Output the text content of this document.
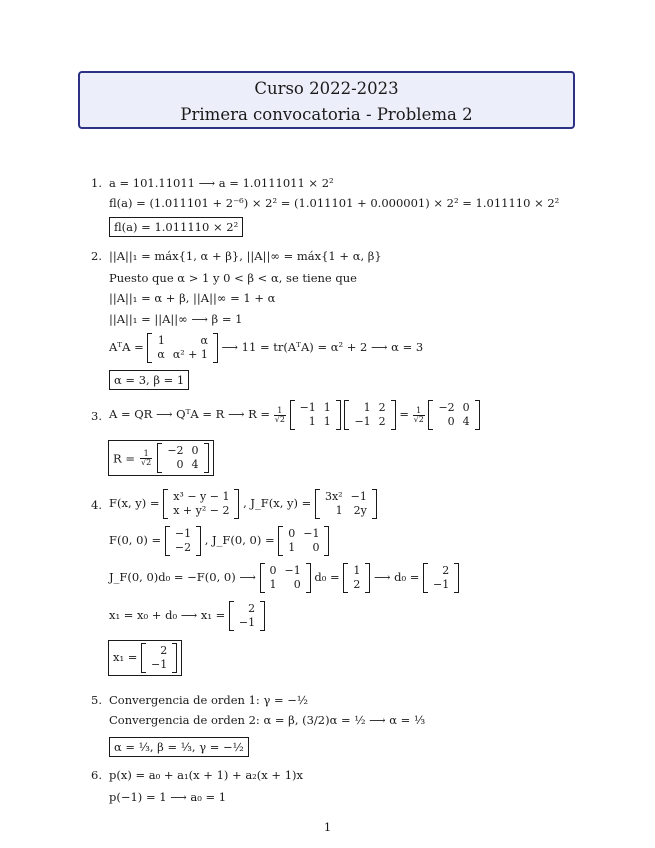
Curso 2022-2023
Primera convocatoria - Problema 2
1. a = 101.11011 ⟶ a = 1.0111011 × 2²
fl(a) = (1.011101 + 2⁻⁶) × 2² = (1.011101 + 0.000001) × 2² = 1.011110 × 2²
fl(a) = 1.011110 × 2²
2. ||A||₁ = máx{1, α + β}, ||A||∞ = máx{1 + α, β}
Puesto que α > 1 y 0 < β < α, se tiene que
||A||₁ = α + β, ||A||∞ = 1 + α
||A||₁ = ||A||∞ ⟶ β = 1
AᵀA = 1	α
α	α² + 1
⟶ 11 = tr(AᵀA) = α² + 2 ⟶ α = 3
α = 3, β = 1
3. A = QR ⟶ QᵀA = R ⟶ $R = \frac{1}{√2}$
−1	1
1	1

1	2
−1	2
= $\frac{1}{√2}$
−2	0
0	4
$R = \frac{1}{√2}$
−2	0
0	4
4. F(x, y) = x³ − y − 1
x + y² − 2
, J_F(x, y) = 3x²	−1
1	2y
F(0, 0) = −1
−2
, J_F(0, 0) = 0	−1
1	0
J_F(0, 0)d₀ = −F(0, 0) ⟶ 0	−1
1	0
d₀ = 1
2
⟶ d₀ = 2
−1
x₁ = x₀ + d₀ ⟶ x₁ = 2
−1
x₁ = 2
−1
5. Convergencia de orden 1: γ = −½
Convergencia de orden 2: α = β, (3/2)α = ½ ⟶ α = ⅓
α = ⅓, β = ⅓, γ = −½
6. p(x) = a₀ + a₁(x + 1) + a₂(x + 1)x
p(−1) = 1 ⟶ a₀ = 1
1
